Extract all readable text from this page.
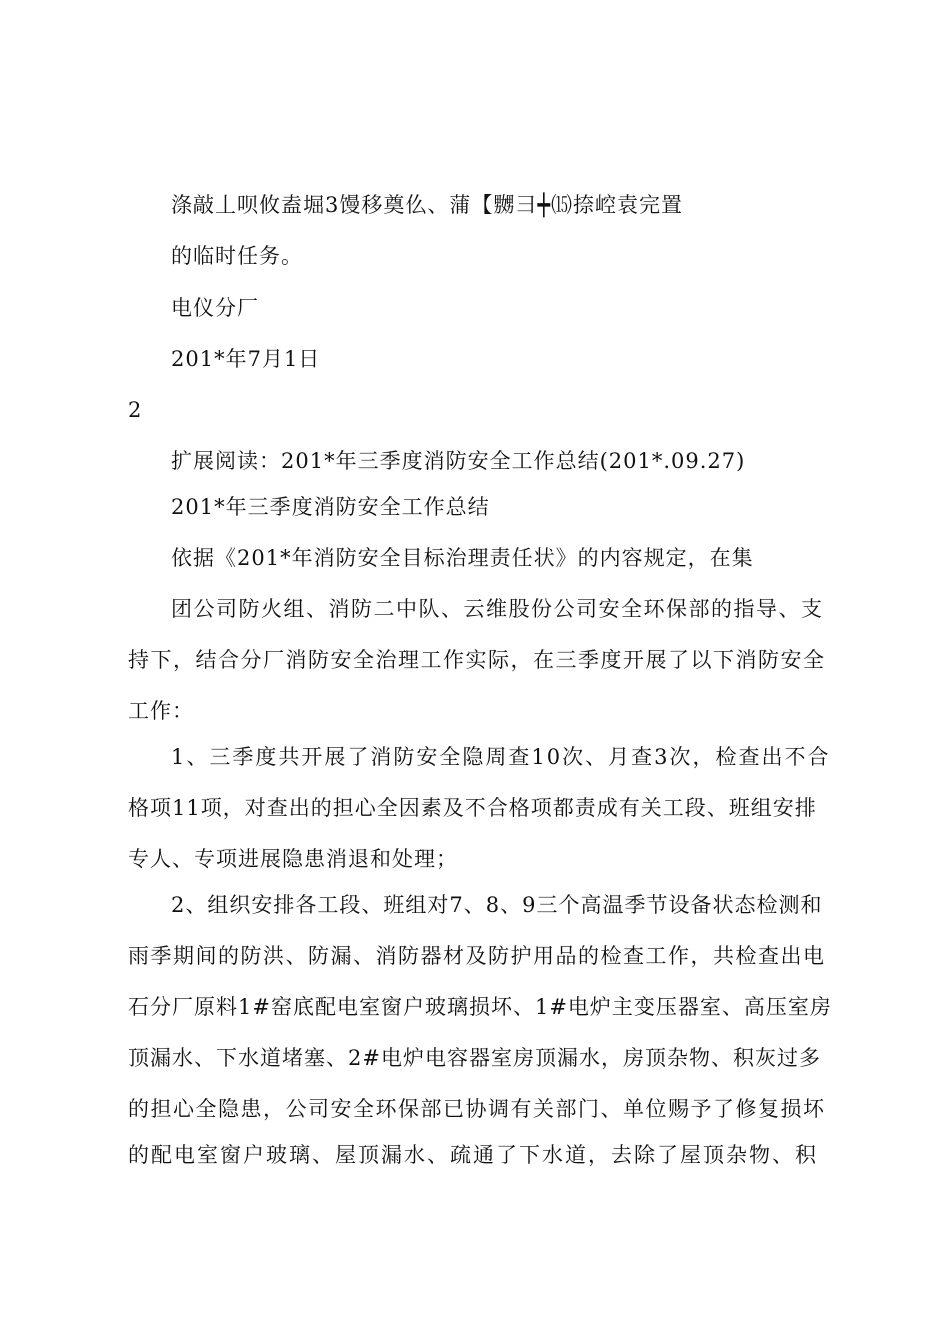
涤敲丄呗攸盍堀3馒移奠仫、蒲【嬲彐┿⒂捺崆袁完置
的临时任务。
电仪分厂
201*年7月1日
2
扩展阅读：201*年三季度消防安全工作总结(201*.09.27)
201*年三季度消防安全工作总结
依据《201*年消防安全目标治理责任状》的内容规定，在集
团公司防火组、消防二中队、云维股份公司安全环保部的指导、支
持下，结合分厂消防安全治理工作实际，在三季度开展了以下消防安全
工作：
1、三季度共开展了消防安全隐周查10次、月查3次，检查出不合
格项11项，对查出的担心全因素及不合格项都责成有关工段、班组安排
专人、专项进展隐患消退和处理；
2、组织安排各工段、班组对7、8、9三个高温季节设备状态检测和
雨季期间的防洪、防漏、消防器材及防护用品的检查工作，共检查出电
石分厂原料1#窑底配电室窗户玻璃损坏、1#电炉主变压器室、高压室房
顶漏水、下水道堵塞、2#电炉电容器室房顶漏水，房顶杂物、积灰过多
的担心全隐患，公司安全环保部已协调有关部门、单位赐予了修复损坏
的配电室窗户玻璃、屋顶漏水、疏通了下水道，去除了屋顶杂物、积
